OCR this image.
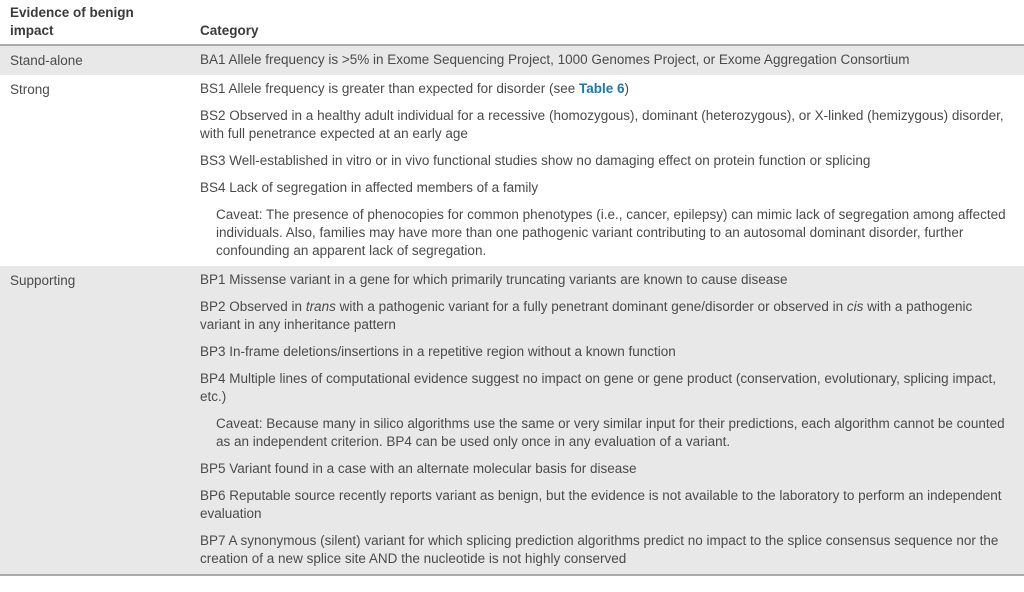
Evidence of benign impact	Category
Stand-alone	BA1 Allele frequency is >5% in Exome Sequencing Project, 1000 Genomes Project, or Exome Aggregation Consortium
Strong	BS1 Allele frequency is greater than expected for disorder (see Table 6)
BS2 Observed in a healthy adult individual for a recessive (homozygous), dominant (heterozygous), or X-linked (hemizygous) disorder, with full penetrance expected at an early age
BS3 Well-established in vitro or in vivo functional studies show no damaging effect on protein function or splicing
BS4 Lack of segregation in affected members of a family
Caveat: The presence of phenocopies for common phenotypes (i.e., cancer, epilepsy) can mimic lack of segregation among affected individuals. Also, families may have more than one pathogenic variant contributing to an autosomal dominant disorder, further confounding an apparent lack of segregation.
Supporting	BP1 Missense variant in a gene for which primarily truncating variants are known to cause disease
BP2 Observed in trans with a pathogenic variant for a fully penetrant dominant gene/disorder or observed in cis with a pathogenic variant in any inheritance pattern
BP3 In-frame deletions/insertions in a repetitive region without a known function
BP4 Multiple lines of computational evidence suggest no impact on gene or gene product (conservation, evolutionary, splicing impact, etc.)
Caveat: Because many in silico algorithms use the same or very similar input for their predictions, each algorithm cannot be counted as an independent criterion. BP4 can be used only once in any evaluation of a variant.
BP5 Variant found in a case with an alternate molecular basis for disease
BP6 Reputable source recently reports variant as benign, but the evidence is not available to the laboratory to perform an independent evaluation
BP7 A synonymous (silent) variant for which splicing prediction algorithms predict no impact to the splice consensus sequence nor the creation of a new splice site AND the nucleotide is not highly conserved
